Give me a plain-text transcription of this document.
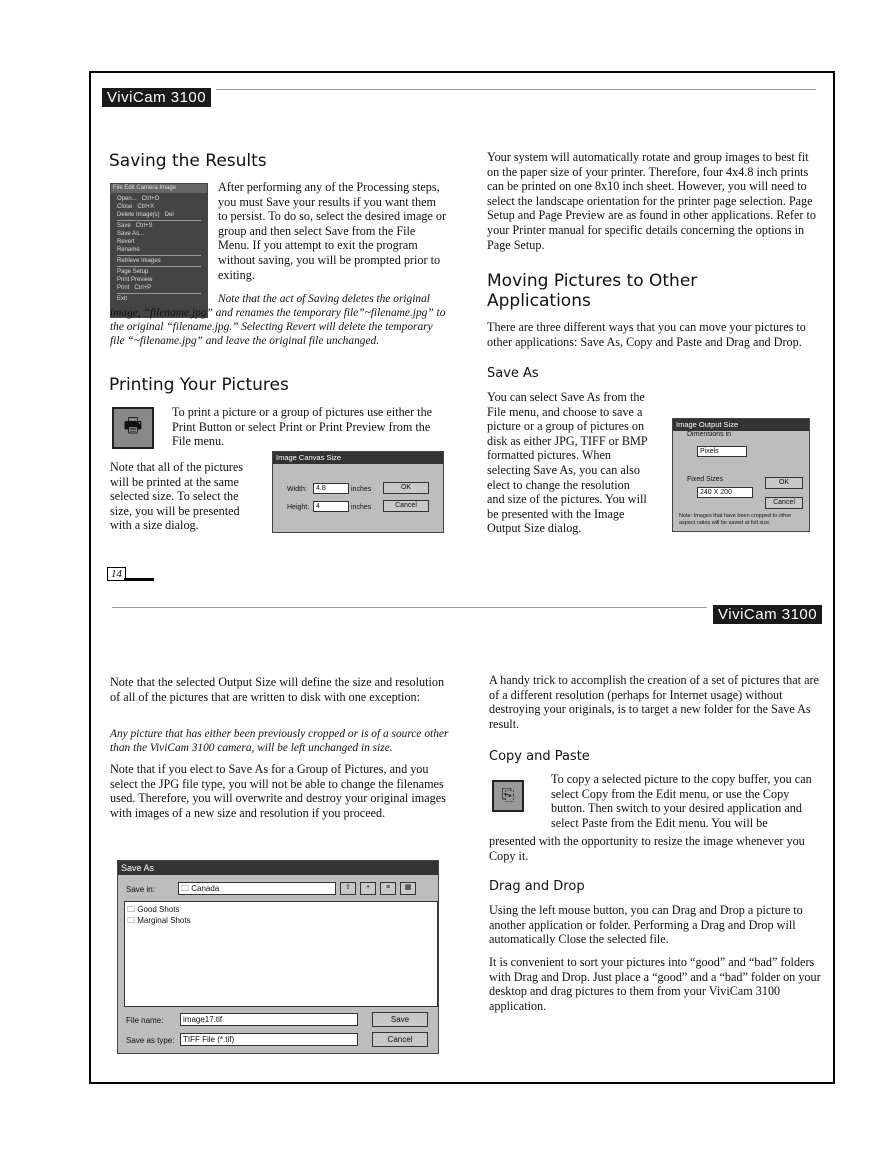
ViviCam 3100
Saving the Results
File Edit Camera Image
Open...   Ctrl+O
Close   Ctrl+X
Delete Image(s)   Del
Save   Ctrl+S
Save As...
Revert
Rename
Retrieve Images
Page Setup
Print Preview
Print   Ctrl+P
Exit

After performing any of the Processing steps, you must Save your results if you want them to persist. To do so, select the desired image or group and then select Save from the File Menu. If you attempt to exit the program without saving, you will be prompted prior to exiting.

Note that the act of Saving deletes the original image, “filename.jpg” and renames the temporary file”~filename.jpg” to the original “filename.jpg.” Selecting Revert will delete the temporary file “~filename.jpg” and leave the original file unchanged.

Printing Your Pictures
🖶

To print a picture or a group of pictures use either the Print Button or select Print or Print Preview from the File menu.

Note that all of the pictures will be printed at the same selected size. To select the size, you will be presented with a size dialog.

Image Canvas Size
Width:	4.8	inches	OK
Height: 4	inches	Cancel

Your system will automatically rotate and group images to best fit on the paper size of your printer. Therefore, four 4x4.8 inch prints can be printed on one 8x10 inch sheet. However, you will need to select the landscape orientation for the printer page selection. Page Setup and Page Preview are as found in other applications. Refer to your Printer manual for specific details concerning the options in Page Setup.

Moving Pictures to Other
Applications

There are three different ways that you can move your pictures to other applications: Save As, Copy and Paste and Drag and Drop.

Save As

You can select Save As from the File menu, and choose to save a picture or a group of pictures on disk as either JPG, TIFF or BMP formatted pictures. When selecting Save As, you can also elect to change the resolution and size of the pictures. You will be presented with the Image Output Size dialog.

Image Output Size
Dimensions in
Pixels
Fixed Sizes
240 X 200
OK
Cancel
Note: Images that have been cropped to other aspect ratios will be saved at full size.
14
ViviCam 3100

Note that the selected Output Size will define the size and resolution of all of the pictures that are written to disk with one exception:

Any picture that has either been previously cropped or is of a source other than the ViviCam 3100 camera, will be left unchanged in size.

Note that if you elect to Save As for a Group of Pictures, and you select the JPG file type, you will not be able to change the filenames used. Therefore, you will overwrite and destroy your original images with images of a new size and resolution if you proceed.

Save As
Save in:	🗀 Canada	⇧	+	≡	▦
🗀 Good Shots
🗀 Marginal Shots
File name:	image17.tif	Save
Save as type:	TIFF File (*.tif)	Cancel

A handy trick to accomplish the creation of a set of pictures that are of a different resolution (perhaps for Internet usage) without destroying your originals, is to target a new folder for the Save As result.

Copy and Paste
⎘

To copy a selected picture to the copy buffer, you can select Copy from the Edit menu, or use the Copy button. Then switch to your desired application and select Paste from the Edit menu. You will be

presented with the opportunity to resize the image whenever you Copy it.

Drag and Drop

Using the left mouse button, you can Drag and Drop a picture to another application or folder. Performing a Drag and Drop will automatically Close the selected file.

It is convenient to sort your pictures into “good” and “bad” folders with Drag and Drop. Just place a “good” and a “bad” folder on your desktop and drag pictures to them from your ViviCam 3100 application.
